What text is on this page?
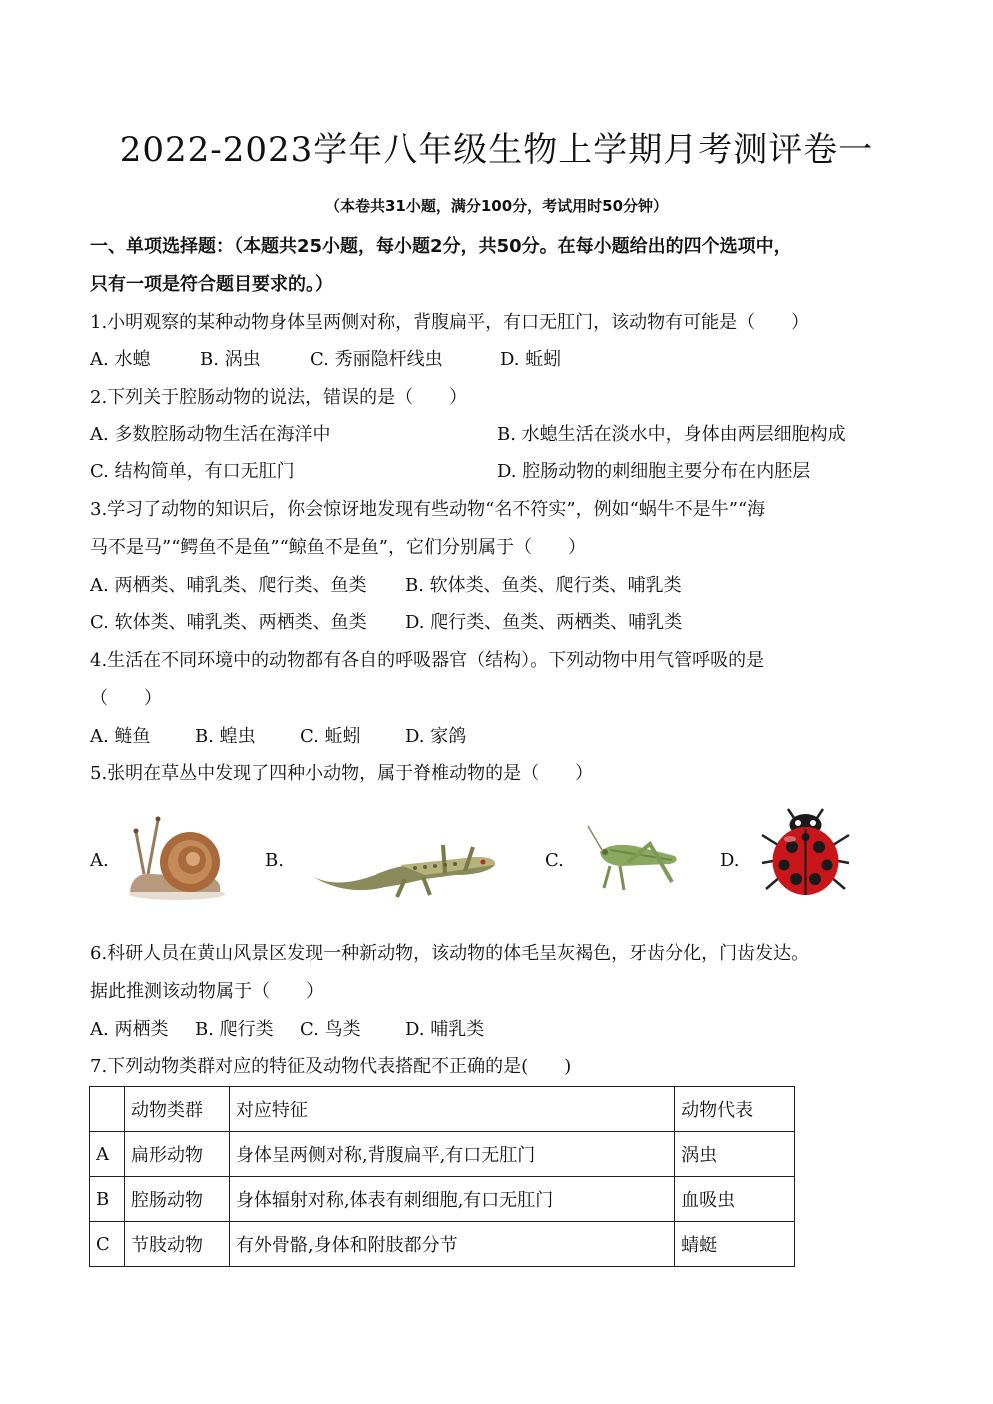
2022-2023学年八年级生物上学期月考测评卷一
（本卷共31小题，满分100分，考试用时50分钟）
一、单项选择题：（本题共25小题，每小题2分，共50分。在每小题给出的四个选项中，
只有一项是符合题目要求的。）
1.小明观察的某种动物身体呈两侧对称，背腹扁平，有口无肛门，该动物有可能是（　　）
A. 水螅	B. 涡虫	C. 秀丽隐杆线虫	D. 蚯蚓
2.下列关于腔肠动物的说法，错误的是（　　）
A. 多数腔肠动物生活在海洋中	B. 水螅生活在淡水中，身体由两层细胞构成
C. 结构简单，有口无肛门	D. 腔肠动物的刺细胞主要分布在内胚层
3.学习了动物的知识后，你会惊讶地发现有些动物“名不符实”，例如“蜗牛不是牛”“海
马不是马”“鳄鱼不是鱼”“鲸鱼不是鱼”，它们分别属于（　　）
A. 两栖类、哺乳类、爬行类、鱼类 B. 软体类、鱼类、爬行类、哺乳类
C. 软体类、哺乳类、两栖类、鱼类 D. 爬行类、鱼类、两栖类、哺乳类
4.生活在不同环境中的动物都有各自的呼吸器官（结构）。下列动物中用气管呼吸的是
（　　）
A. 鲢鱼 B. 蝗虫 C. 蚯蚓 D. 家鸽
5.张明在草丛中发现了四种小动物，属于脊椎动物的是（　　）
A.	B.	C.	D.
6.科研人员在黄山风景区发现一种新动物，该动物的体毛呈灰褐色，牙齿分化，门齿发达。
据此推测该动物属于（　　）
A. 两栖类 B. 爬行类 C. 鸟类 D. 哺乳类
7.下列动物类群对应的特征及动物代表搭配不正确的是(　　)
	动物类群	对应特征	动物代表
A	扁形动物	身体呈两侧对称,背腹扁平,有口无肛门	涡虫
B	腔肠动物	身体辐射对称,体表有刺细胞,有口无肛门	血吸虫
C	节肢动物	有外骨骼,身体和附肢都分节	蜻蜓
